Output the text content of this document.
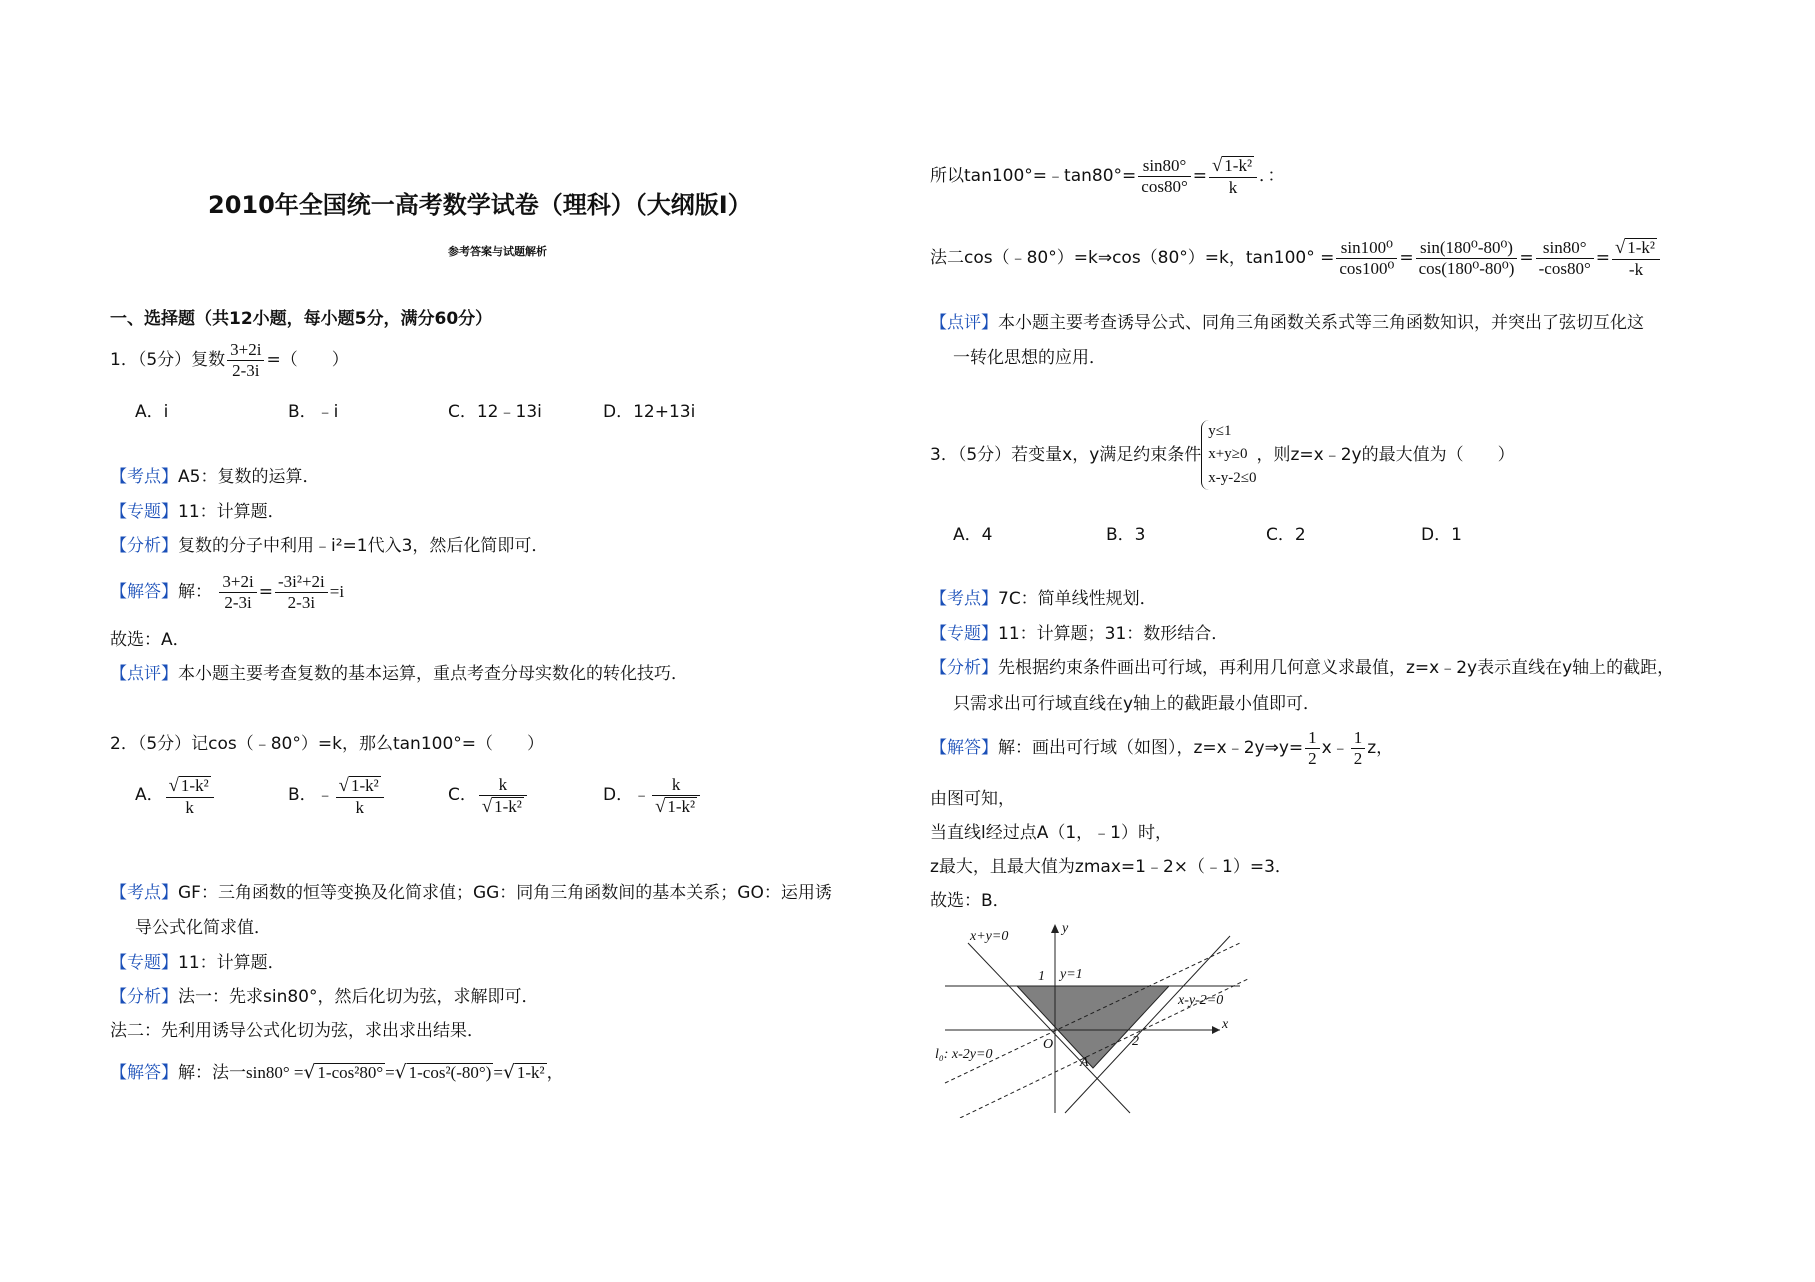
2010年全国统一高考数学试卷（理科）（大纲版I）
参考答案与试题解析
一、选择题（共12小题，每小题5分，满分60分）
1．（5分）复数 $\frac{3+2i}{2-3i}$ =（　　）
A．i	B．﹣i	C．12﹣13i	D．12+13i
【考点】A5：复数的运算．
【专题】11：计算题．
【分析】复数的分子中利用﹣i²=1代入3，然后化简即可．
【解答】解： $\frac{3+2i}{2-3i} = \frac{\text{-3i²+2i}}{2-3i} =i$
故选：A．
【点评】本小题主要考查复数的基本运算，重点考查分母实数化的转化技巧．
2．（5分）记cos（﹣80°）=k，那么tan100°=（　　）
A． $\frac{\text{√ 1-k²}}{k}$	B．﹣ $\frac{\text{√ 1-k²}}{k}$	C． $\frac{k}{\text{√ 1-k²}}$	D．﹣ $\frac{k}{\text{√ 1-k²}}$
【考点】GF：三角函数的恒等变换及化简求值；GG：同角三角函数间的基本关系；GO：运用诱
导公式化简求值．
【专题】11：计算题．
【分析】法一：先求sin80°，然后化切为弦，求解即可．
法二：先利用诱导公式化切为弦，求出求出结果．
【解答】解：法一sin80° =√ 1-cos²80° =√ 1-cos²(-80°) =√ 1-k² ，
所以tan100°=﹣tan80°= $\frac{\sin 80^\circ}{\cos 80^\circ} = \frac{\text{√ 1-k²}}{k}$ ．：
法二cos（﹣80°）=k⇒cos（80°）=k，$\tan 100^\circ = \frac{\text{sin100⁰}}{\text{cos100⁰}} = \frac{\text{sin(180⁰-80⁰)}}{\text{cos(180⁰-80⁰)}} = \frac{\sin 80^\circ}{-\cos 80^\circ} = \frac{\text{√ 1-k²}}{-k}$
【点评】本小题主要考查诱导公式、同角三角函数关系式等三角函数知识，并突出了弦切互化这
一转化思想的应用．
3．（5分）若变量x，y满足约束条件
y≤1
x+y≥0
x-y-2≤0
，则z=x﹣2y的最大值为（　　）
A．4	B．3	C．2	D．1
【考点】7C：简单线性规划．
【专题】11：计算题；31：数形结合．
【分析】先根据约束条件画出可行域，再利用几何意义求最值，z=x﹣2y表示直线在y轴上的截距，
只需求出可行域直线在y轴上的截距最小值即可．
【解答】解：画出可行域（如图），z=x﹣2y⇒y= $\frac{1}{2}$ x﹣ $\frac{1}{2}$ z，
由图可知，
当直线l经过点A（1，﹣1）时，
z最大，且最大值为zmax=1﹣2×（﹣1）=3．
故选：B．
x+y=0
y=1
1
x-y-2=0
x
y
2
O
l₀: x-2y=0
A
